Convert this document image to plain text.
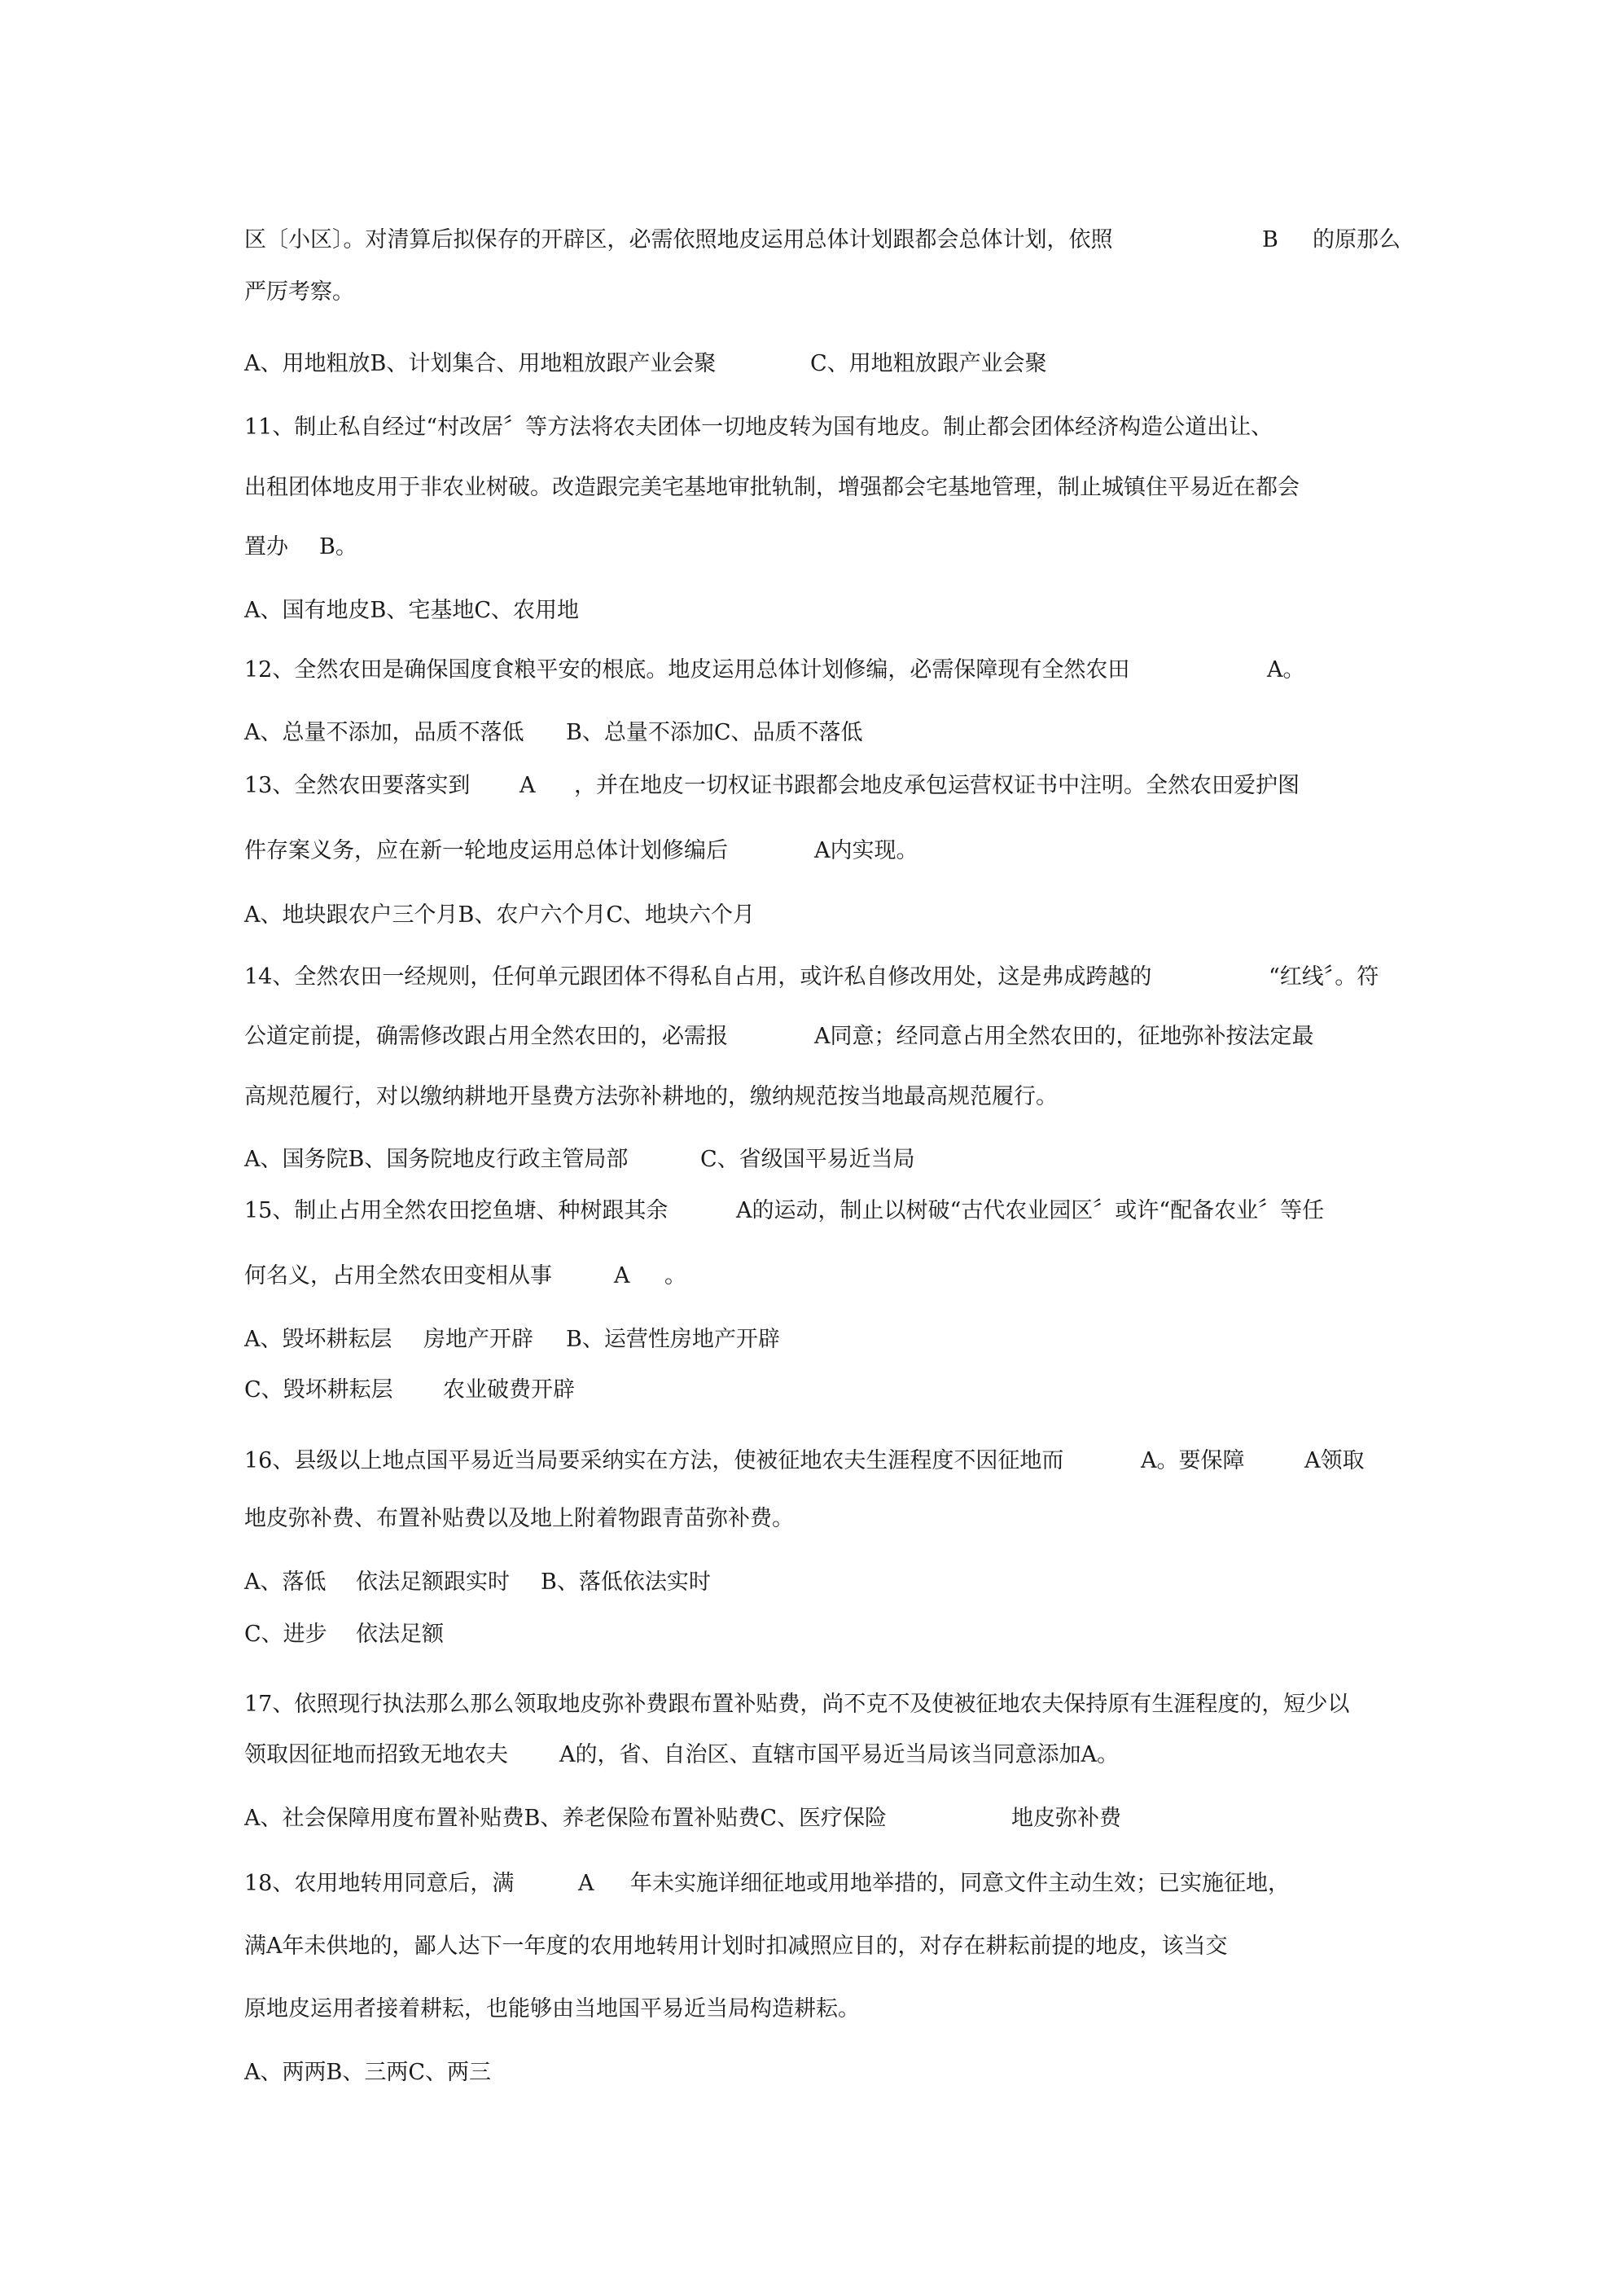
区〔小区〕。对清算后拟保存的开辟区，必需依照地皮运用总体计划跟都会总体计划，依照	B 的原那么
严厉考察。
A、用地粗放B、计划集合、用地粗放跟产业会聚	C、用地粗放跟产业会聚
11、制止私自经过“村改居〞等方法将农夫团体一切地皮转为国有地皮。制止都会团体经济构造公道出让、
出租团体地皮用于非农业树破。改造跟完美宅基地审批轨制，增强都会宅基地管理，制止城镇住平易近在都会
置办 B。
A、国有地皮B、宅基地C、农用地
12、全然农田是确保国度食粮平安的根底。地皮运用总体计划修编，必需保障现有全然农田	A。
A、总量不添加，品质不落低 B、总量不添加C、品质不落低
13、全然农田要落实到 A ，并在地皮一切权证书跟都会地皮承包运营权证书中注明。全然农田爱护图
件存案义务，应在新一轮地皮运用总体计划修编后	A内实现。
A、地块跟农户三个月B、农户六个月C、地块六个月
14、全然农田一经规则，任何单元跟团体不得私自占用，或许私自修改用处，这是弗成跨越的	“红线〞。符
公道定前提，确需修改跟占用全然农田的，必需报	A同意；经同意占用全然农田的，征地弥补按法定最
高规范履行，对以缴纳耕地开垦费方法弥补耕地的，缴纳规范按当地最高规范履行。
A、国务院B、国务院地皮行政主管局部	C、省级国平易近当局
15、制止占用全然农田挖鱼塘、种树跟其余	A的运动，制止以树破“古代农业园区〞或许“配备农业〞等任
何名义，占用全然农田变相从事	A 。
A、毁坏耕耘层 房地产开辟 B、运营性房地产开辟
C、毁坏耕耘层 农业破费开辟
16、县级以上地点国平易近当局要采纳实在方法，使被征地农夫生涯程度不因征地而	A。要保障	A领取
地皮弥补费、布置补贴费以及地上附着物跟青苗弥补费。
A、落低 依法足额跟实时 B、落低依法实时
C、进步 依法足额
17、依照现行执法那么那么领取地皮弥补费跟布置补贴费，尚不克不及使被征地农夫保持原有生涯程度的，短少以
领取因征地而招致无地农夫 A的，省、自治区、直辖市国平易近当局该当同意添加A。
A、社会保障用度布置补贴费B、养老保险布置补贴费C、医疗保险	地皮弥补费
18、农用地转用同意后，满	A 年未实施详细征地或用地举措的，同意文件主动生效；已实施征地，
满A年未供地的，鄙人达下一年度的农用地转用计划时扣减照应目的，对存在耕耘前提的地皮，该当交
原地皮运用者接着耕耘，也能够由当地国平易近当局构造耕耘。
A、两两B、三两C、两三
